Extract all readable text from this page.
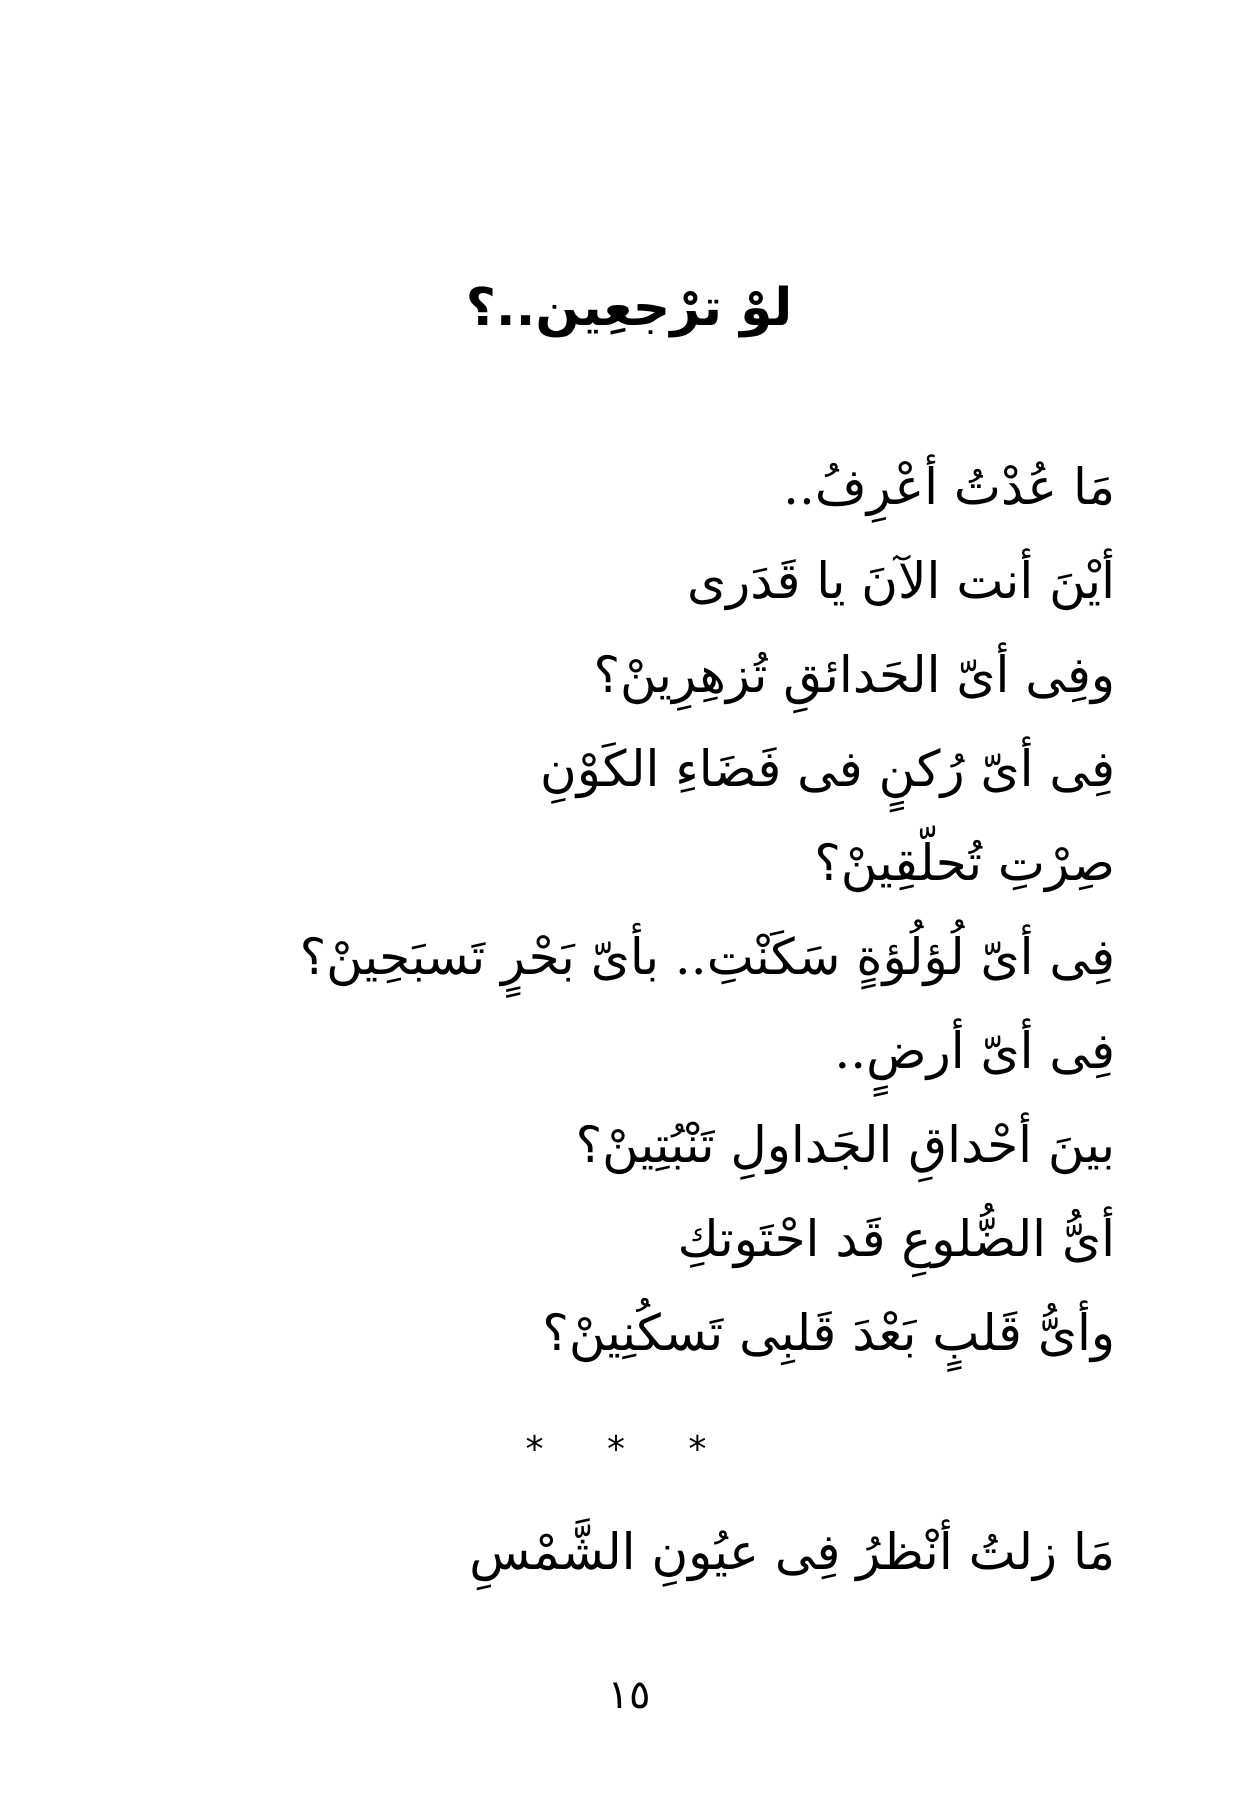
لوْ ترْجعِين..؟
مَا عُدْتُ أعْرِفُ..
أيْنَ أنت الآنَ يا قَدَرى
وفِى أىّ الحَدائقِ تُزهِرِينْ؟
فِى أىّ رُكنٍ فى فَضَاءِ الكَوْنِ
صِرْتِ تُحلّقِينْ؟
فِى أىّ لُؤلُؤةٍ سَكَنْتِ.. بأىّ بَحْرٍ تَسبَحِينْ؟
فِى أىّ أرضٍ..
بينَ أحْداقِ الجَداولِ تَنْبُتِينْ؟
أىُّ الضُّلوعِ قَد احْتَوتكِ
وأىُّ قَلبٍ بَعْدَ قَلبِى تَسكُنِينْ؟
* * *
مَا زلتُ أنْظرُ فِى عيُونِ الشَّمْسِ
١٥
